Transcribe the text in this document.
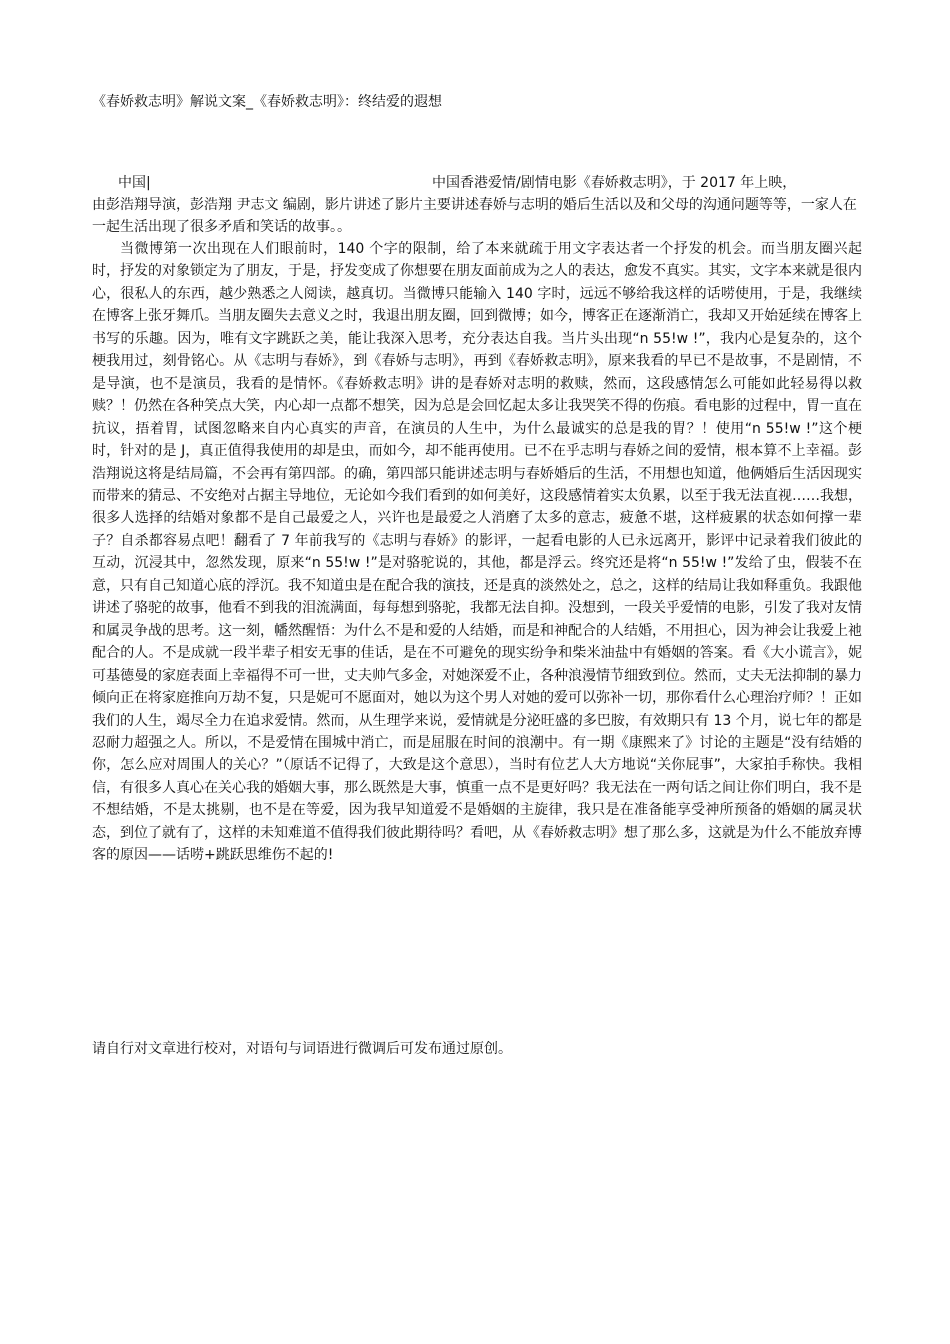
《春娇救志明》解说文案_《春娇救志明》：终结爱的遐想
中国|	中国香港爱情/剧情电影《春娇救志明》，于 2017 年上映，

由彭浩翔导演，彭浩翔 尹志文 编剧，影片讲述了影片主要讲述春娇与志明的婚后生活以及和父母的沟通问题等等，一家人在一起生活出现了很多矛盾和笑话的故事。。

当微博第一次出现在人们眼前时，140 个字的限制，给了本来就疏于用文字表达者一个抒发的机会。而当朋友圈兴起时，抒发的对象锁定为了朋友，于是，抒发变成了你想要在朋友面前成为之人的表达，愈发不真实。其实，文字本来就是很内心，很私人的东西，越少熟悉之人阅读，越真切。当微博只能输入 140 字时，远远不够给我这样的话唠使用，于是，我继续在博客上张牙舞爪。当朋友圈失去意义之时，我退出朋友圈，回到微博；如今，博客正在逐渐消亡，我却又开始延续在博客上书写的乐趣。因为，唯有文字跳跃之美，能让我深入思考，充分表达自我。当片头出现“n 55!w !”，我内心是复杂的，这个梗我用过，刻骨铭心。从《志明与春娇》，到《春娇与志明》，再到《春娇救志明》，原来我看的早已不是故事，不是剧情，不是导演，也不是演员，我看的是情怀。《春娇救志明》讲的是春娇对志明的救赎，然而，这段感情怎么可能如此轻易得以救赎？！仍然在各种笑点大笑，内心却一点都不想笑，因为总是会回忆起太多让我哭笑不得的伤痕。看电影的过程中，胃一直在抗议，捂着胃，试图忽略来自内心真实的声音，在演员的人生中，为什么最诚实的总是我的胃？！使用“n 55!w !”这个梗时，针对的是 J，真正值得我使用的却是虫，而如今，却不能再使用。已不在乎志明与春娇之间的爱情，根本算不上幸福。彭浩翔说这将是结局篇，不会再有第四部。的确，第四部只能讲述志明与春娇婚后的生活，不用想也知道，他俩婚后生活因现实而带来的猜忌、不安绝对占据主导地位，无论如今我们看到的如何美好，这段感情着实太负累，以至于我无法直视……我想，很多人选择的结婚对象都不是自己最爱之人，兴许也是最爱之人消磨了太多的意志，疲惫不堪，这样疲累的状态如何撑一辈子？自杀都容易点吧！翻看了 7 年前我写的《志明与春娇》的影评，一起看电影的人已永远离开，影评中记录着我们彼此的互动，沉浸其中，忽然发现，原来“n 55!w !”是对骆驼说的，其他，都是浮云。终究还是将“n 55!w !”发给了虫，假装不在意，只有自己知道心底的浮沉。我不知道虫是在配合我的演技，还是真的淡然处之，总之，这样的结局让我如释重负。我跟他讲述了骆驼的故事，他看不到我的泪流满面，每每想到骆驼，我都无法自抑。没想到，一段关乎爱情的电影，引发了我对友情和属灵争战的思考。这一刻，幡然醒悟：为什么不是和爱的人结婚，而是和神配合的人结婚，不用担心，因为神会让我爱上祂配合的人。不是成就一段半辈子相安无事的佳话，是在不可避免的现实纷争和柴米油盐中有婚姻的答案。看《大小谎言》，妮可基德曼的家庭表面上幸福得不可一世，丈夫帅气多金，对她深爱不止，各种浪漫情节细致到位。然而，丈夫无法抑制的暴力倾向正在将家庭推向万劫不复，只是妮可不愿面对，她以为这个男人对她的爱可以弥补一切，那你看什么心理治疗师？！正如我们的人生，竭尽全力在追求爱情。然而，从生理学来说，爱情就是分泌旺盛的多巴胺，有效期只有 13 个月，说七年的都是忍耐力超强之人。所以，不是爱情在围城中消亡，而是屈服在时间的浪潮中。有一期《康熙来了》讨论的主题是“没有结婚的你，怎么应对周围人的关心？”（原话不记得了，大致是这个意思），当时有位艺人大方地说“关你屁事”，大家拍手称快。我相信，有很多人真心在关心我的婚姻大事，那么既然是大事，慎重一点不是更好吗？我无法在一两句话之间让你们明白，我不是不想结婚，不是太挑剔，也不是在等爱，因为我早知道爱不是婚姻的主旋律，我只是在准备能享受神所预备的婚姻的属灵状态，到位了就有了，这样的未知难道不值得我们彼此期待吗？看吧，从《春娇救志明》想了那么多，这就是为什么不能放弃博客的原因——话唠+跳跃思维伤不起的!

请自行对文章进行校对，对语句与词语进行微调后可发布通过原创。
